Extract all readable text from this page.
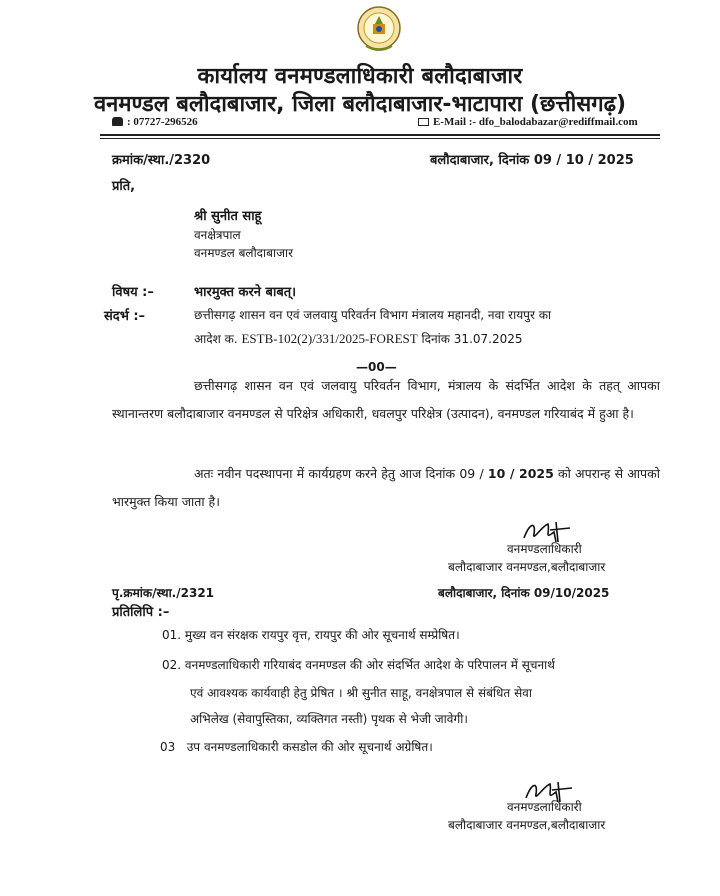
कार्यालय वनमण्डलाधिकारी बलौदाबाजार
वनमण्डल बलौदाबाजार, जिला बलौदाबाजार-भाटापारा (छत्तीसगढ़)
: 07727-296526	E-Mail :- dfo_balodabazar@rediffmail.com
क्रमांक/स्था./2320	बलौदाबाजार, दिनांक 09 / 10 / 2025
प्रति,
श्री सुनीत साहू
वनक्षेत्रपाल
वनमण्डल बलौदाबाजार
विषय :–	भारमुक्त करने बाबत्।
संदर्भ :–	छत्तीसगढ़ शासन वन एवं जलवायु परिवर्तन विभाग मंत्रालय महानदी, नवा रायपुर का
आदेश क. ESTB-102(2)/331/2025-FOREST दिनांक 31.07.2025
—00—
छत्तीसगढ़ शासन वन एवं जलवायु परिवर्तन विभाग, मंत्रालय के संदर्भित आदेश के तहत् आपका स्थानान्तरण बलौदाबाजार वनमण्डल से परिक्षेत्र अधिकारी, धवलपुर परिक्षेत्र (उत्पादन), वनमण्डल गरियाबंद में हुआ है।
अतः नवीन पदस्थापना में कार्यग्रहण करने हेतु आज दिनांक 09 / 10 / 2025 को अपरान्ह से आपको भारमुक्त किया जाता है।
वनमण्डलाधिकारी
बलौदाबाजार वनमण्डल,बलौदाबाजार
पृ.क्रमांक/स्था./2321	बलौदाबाजार, दिनांक 09/10/2025
प्रतिलिपि :–
01. मुख्य वन संरक्षक रायपुर वृत्त, रायपुर की ओर सूचनार्थ सम्प्रेषित।
02. वनमण्डलाधिकारी गरियाबंद वनमण्डल की ओर संदर्भित आदेश के परिपालन में सूचनार्थ
एवं आवश्यक कार्यवाही हेतु प्रेषित । श्री सुनीत साहू, वनक्षेत्रपाल से संबंधित सेवा
अभिलेख (सेवापुस्तिका, व्यक्तिगत नस्ती) पृथक से भेजी जावेगी।
03 उप वनमण्डलाधिकारी कसडोल की ओर सूचनार्थ अग्रेषित।
वनमण्डलाधिकारी
बलौदाबाजार वनमण्डल,बलौदाबाजार
